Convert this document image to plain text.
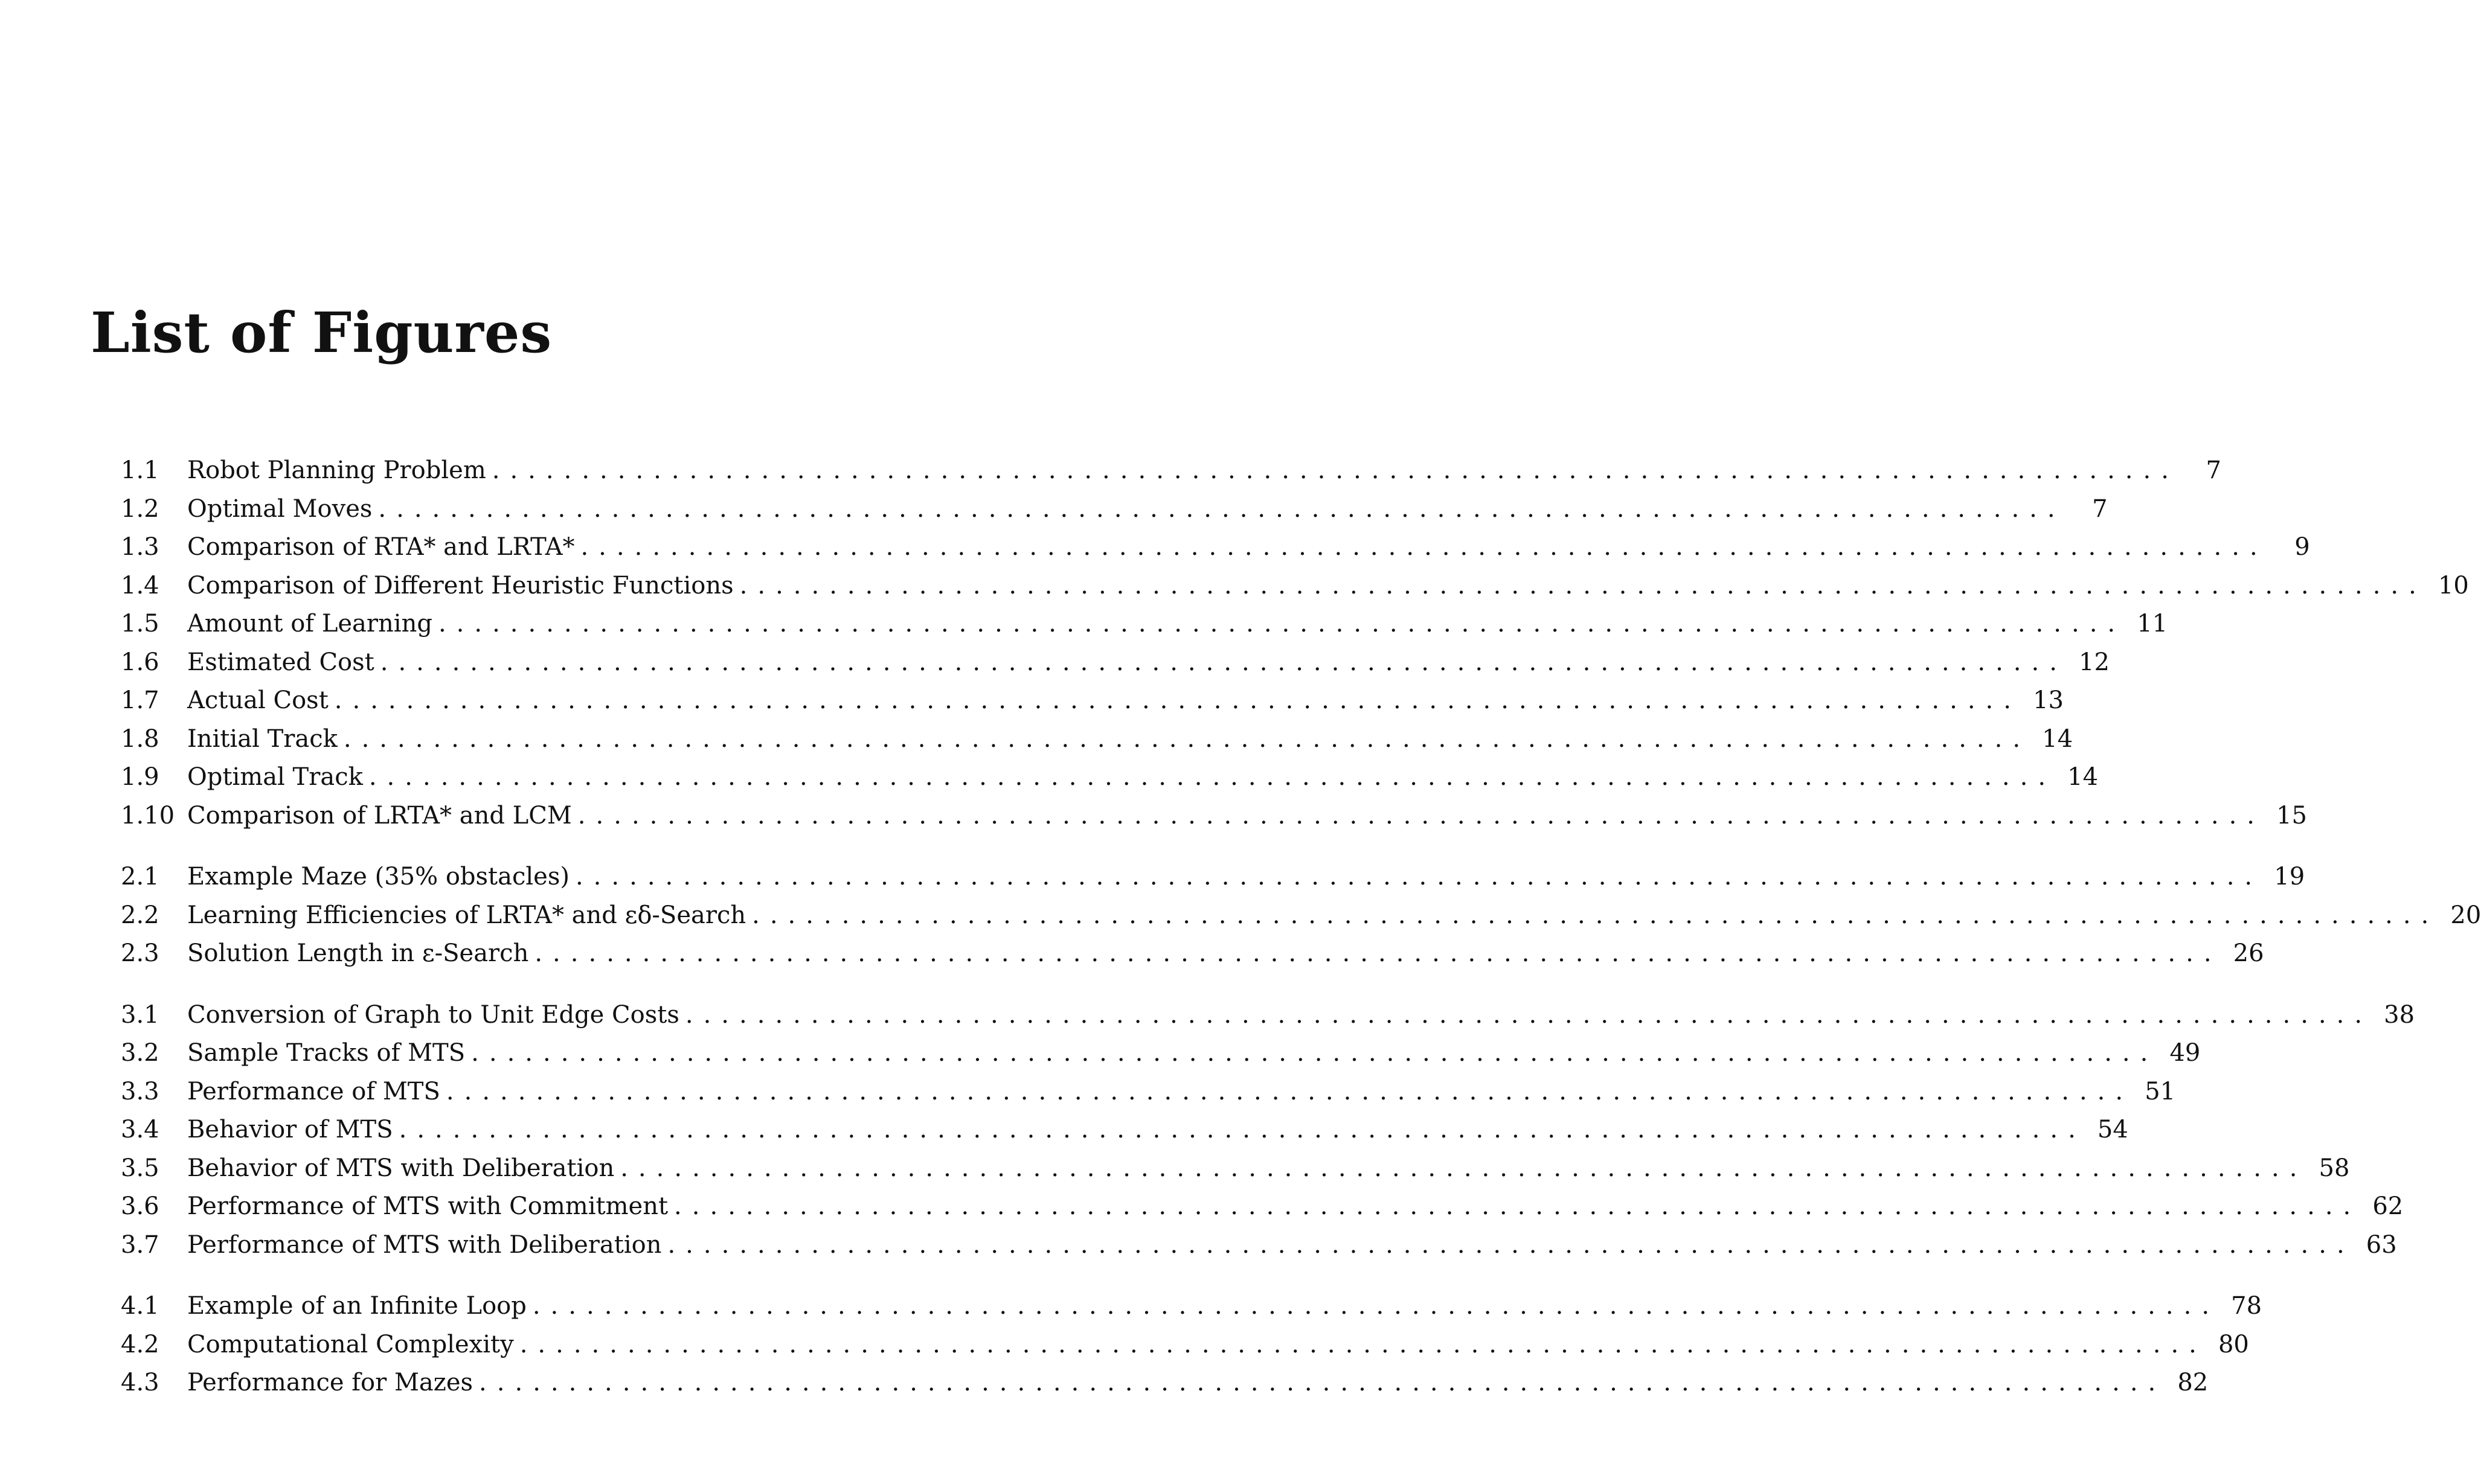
List of Figures
1.1	Robot Planning Problem ..............................................................................................	7
1.2	Optimal Moves ..............................................................................................	7
1.3	Comparison of RTA* and LRTA* ..............................................................................................	9
1.4	Comparison of Different Heuristic Functions .............................................................................................. 10
1.5	Amount of Learning .............................................................................................. 11
1.6	Estimated Cost .............................................................................................. 12
1.7	Actual Cost .............................................................................................. 13
1.8	Initial Track .............................................................................................. 14
1.9	Optimal Track .............................................................................................. 14
1.10 Comparison of LRTA* and LCM .............................................................................................. 15
2.1	Example Maze (35% obstacles) .............................................................................................. 19
2.2	Learning Efficiencies of LRTA* and εδ-Search .............................................................................................. 20
2.3	Solution Length in ε-Search .............................................................................................. 26
3.1	Conversion of Graph to Unit Edge Costs .............................................................................................. 38
3.2	Sample Tracks of MTS .............................................................................................. 49
3.3	Performance of MTS .............................................................................................. 51
3.4	Behavior of MTS .............................................................................................. 54
3.5	Behavior of MTS with Deliberation .............................................................................................. 58
3.6	Performance of MTS with Commitment .............................................................................................. 62
3.7	Performance of MTS with Deliberation .............................................................................................. 63
4.1	Example of an Infinite Loop .............................................................................................. 78
4.2	Computational Complexity .............................................................................................. 80
4.3	Performance for Mazes .............................................................................................. 82
